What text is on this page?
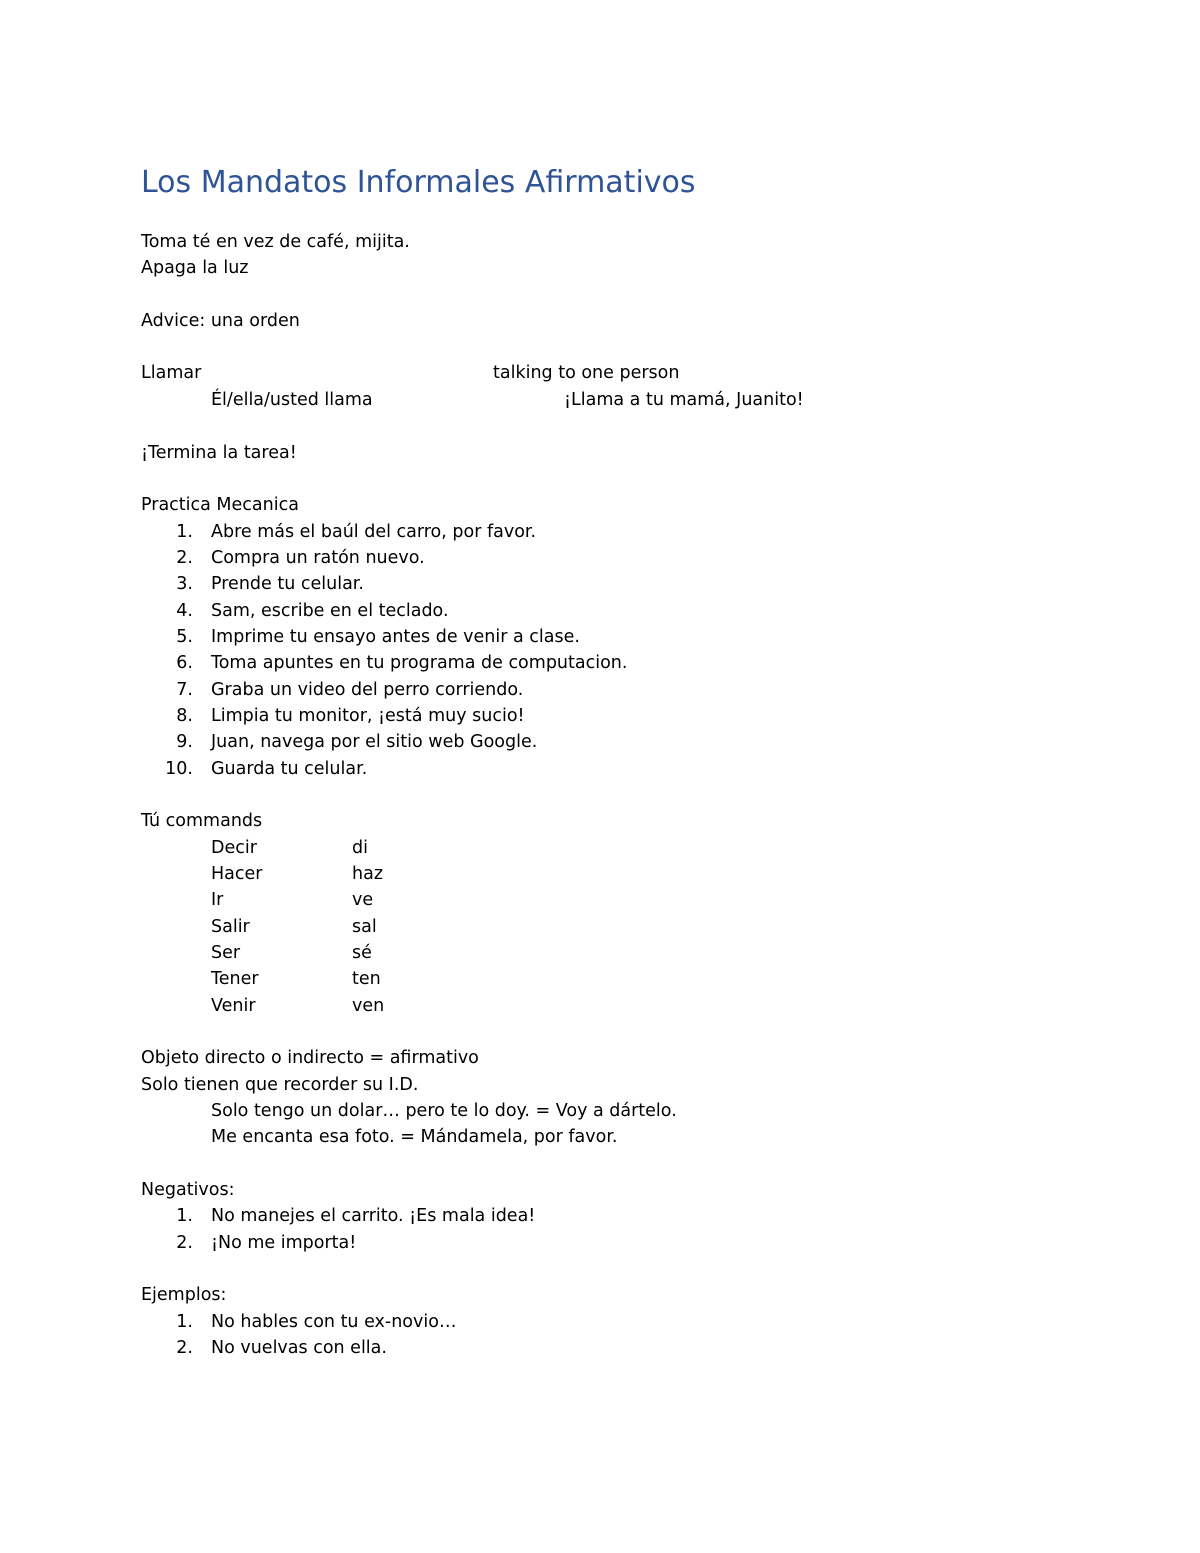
Los Mandatos Informales Afirmativos
Toma té en vez de café, mijita.
Apaga la luz
Advice: una orden
Llamar	talking to one person
Él/ella/usted llama	¡Llama a tu mamá, Juanito!
¡Termina la tarea!
Practica Mecanica
1. Abre más el baúl del carro, por favor.
2. Compra un ratón nuevo.
3. Prende tu celular.
4. Sam, escribe en el teclado.
5. Imprime tu ensayo antes de venir a clase.
6. Toma apuntes en tu programa de computacion.
7. Graba un video del perro corriendo.
8. Limpia tu monitor, ¡está muy sucio!
9. Juan, navega por el sitio web Google.
10. Guarda tu celular.
Tú commands
Decir	di
Hacer	haz
Ir	ve
Salir	sal
Ser	sé
Tener	ten
Venir	ven
Objeto directo o indirecto = afirmativo
Solo tienen que recorder su I.D.
Solo tengo un dolar… pero te lo doy. = Voy a dártelo.
Me encanta esa foto. = Mándamela, por favor.
Negativos:
1. No manejes el carrito. ¡Es mala idea!
2. ¡No me importa!
Ejemplos:
1. No hables con tu ex-novio…
2. No vuelvas con ella.
